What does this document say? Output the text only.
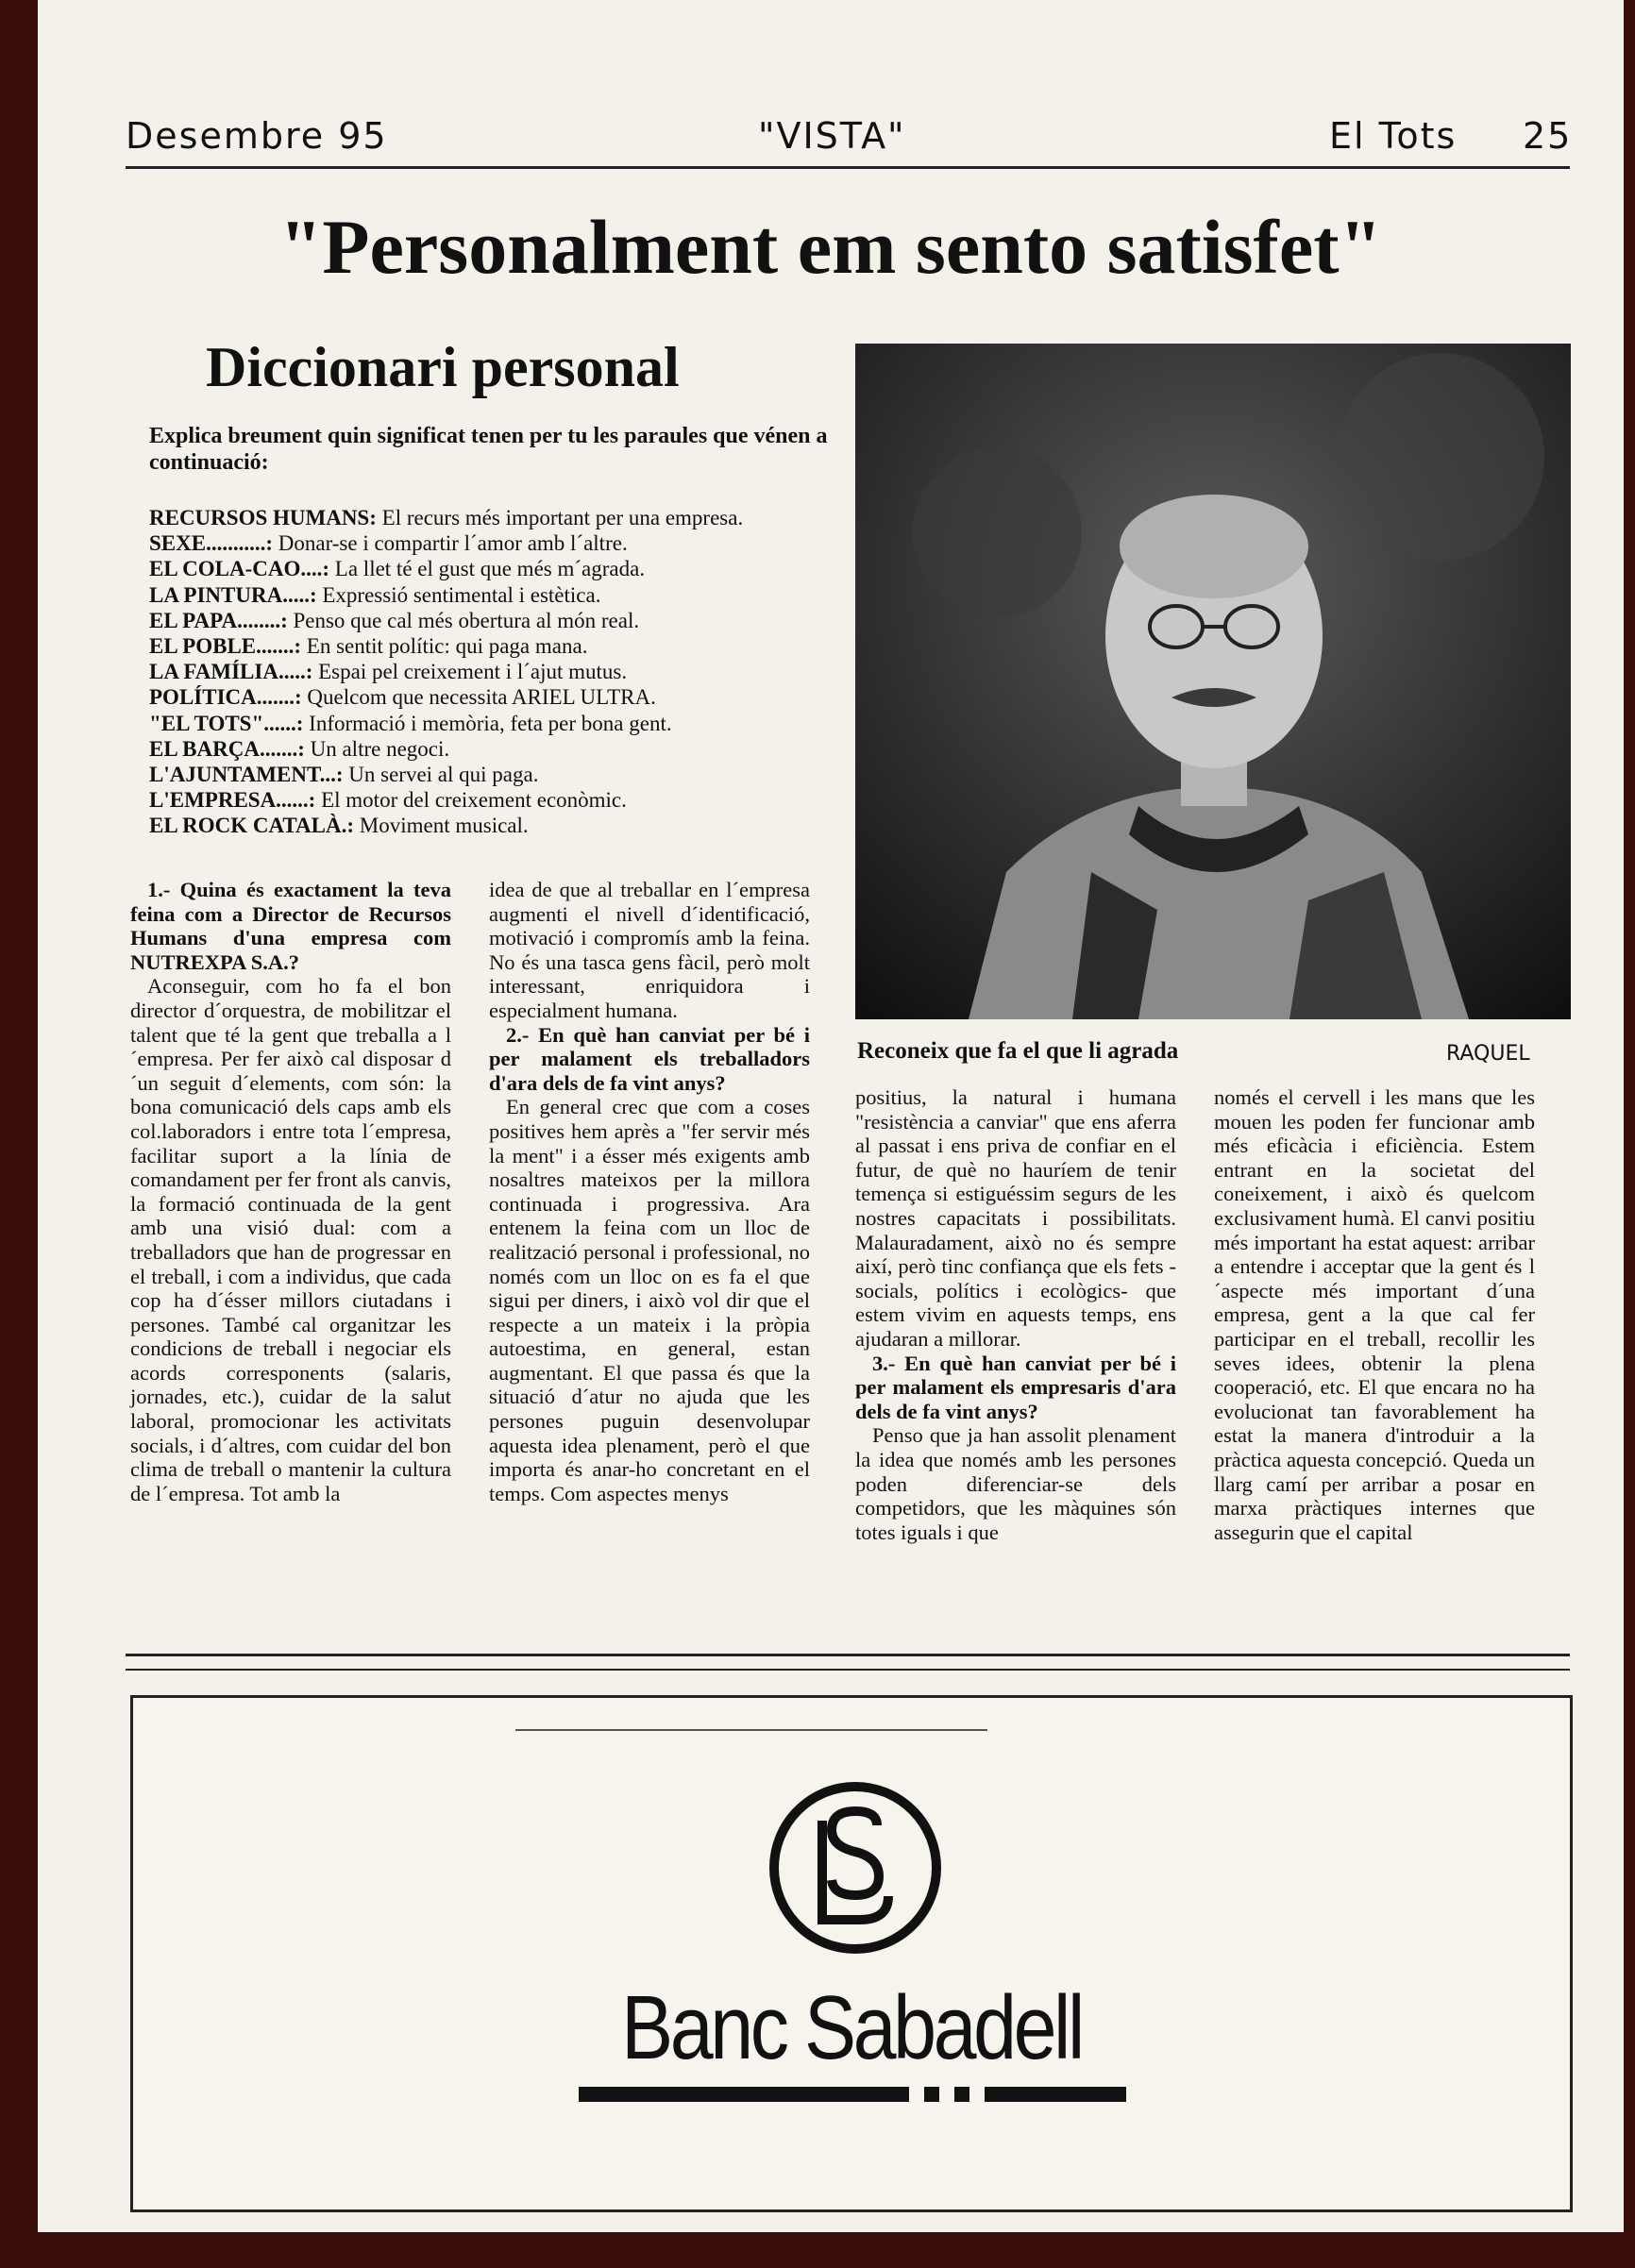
Desembre 95	"VISTA"	El Tots 25
"Personalment em sento satisfet"
Diccionari personal

Explica breument quin significat tenen per tu les paraules que vénen a continuació:

RECURSOS HUMANS: El recurs més important per una empresa.
SEXE...........: Donar-se i compartir l´amor amb l´altre.
EL COLA-CAO....: La llet té el gust que més m´agrada.
LA PINTURA.....: Expressió sentimental i estètica.
EL PAPA........: Penso que cal més obertura al món real.
EL POBLE.......: En sentit polític: qui paga mana.
LA FAMÍLIA.....: Espai pel creixement i l´ajut mutus.
POLÍTICA.......: Quelcom que necessita ARIEL ULTRA.
"EL TOTS"......: Informació i memòria, feta per bona gent.
EL BARÇA.......: Un altre negoci.
L'AJUNTAMENT...: Un servei al qui paga.
L'EMPRESA......: El motor del creixement econòmic.
EL ROCK CATALÀ.: Moviment musical.
Reconeix que fa el que li agrada	RAQUEL

1.- Quina és exactament la teva feina com a Director de Recursos Humans d'una empresa com NUTREXPA S.A.?

Aconseguir, com ho fa el bon director d´orquestra, de mobilitzar el talent que té la gent que treballa a l´empresa. Per fer això cal disposar d´un seguit d´elements, com són: la bona comunicació dels caps amb els col.laboradors i entre tota l´empresa, facilitar suport a la línia de comandament per fer front als canvis, la formació continuada de la gent amb una visió dual: com a treballadors que han de progressar en el treball, i com a individus, que cada cop ha d´ésser millors ciutadans i persones. També cal organitzar les condicions de treball i negociar els acords corresponents (salaris, jornades, etc.), cuidar de la salut laboral, promocionar les activitats socials, i d´altres, com cuidar del bon clima de treball o mantenir la cultura de l´empresa. Tot amb la

idea de que al treballar en l´empresa augmenti el nivell d´identificació, motivació i compromís amb la feina. No és una tasca gens fàcil, però molt interessant, enriquidora i especialment humana.

2.- En què han canviat per bé i per malament els treballadors d'ara dels de fa vint anys?

En general crec que com a coses positives hem après a "fer servir més la ment" i a ésser més exigents amb nosaltres mateixos per la millora continuada i progressiva. Ara entenem la feina com un lloc de realització personal i professional, no només com un lloc on es fa el que sigui per diners, i això vol dir que el respecte a un mateix i la pròpia autoestima, en general, estan augmentant. El que passa és que la situació d´atur no ajuda que les persones puguin desenvolupar aquesta idea plenament, però el que importa és anar-ho concretant en el temps. Com aspectes menys

positius, la natural i humana "resistència a canviar" que ens aferra al passat i ens priva de confiar en el futur, de què no hauríem de tenir temença si estiguéssim segurs de les nostres capacitats i possibilitats. Malauradament, això no és sempre així, però tinc confiança que els fets - socials, polítics i ecològics- que estem vivim en aquests temps, ens ajudaran a millorar.

3.- En què han canviat per bé i per malament els empresaris d'ara dels de fa vint anys?

Penso que ja han assolit plenament la idea que només amb les persones poden diferenciar-se dels competidors, que les màquines són totes iguals i que

només el cervell i les mans que les mouen les poden fer funcionar amb més eficàcia i eficiència. Estem entrant en la societat del coneixement, i això és quelcom exclusivament humà. El canvi positiu més important ha estat aquest: arribar a entendre i acceptar que la gent és l´aspecte més important d´una empresa, gent a la que cal fer participar en el treball, recollir les seves idees, obtenir la plena cooperació, etc. El que encara no ha evolucionat tan favorablement ha estat la manera d'introduir a la pràctica aquesta concepció. Queda un llarg camí per arribar a posar en marxa pràctiques internes que assegurin que el capital

Banc Sabadell
